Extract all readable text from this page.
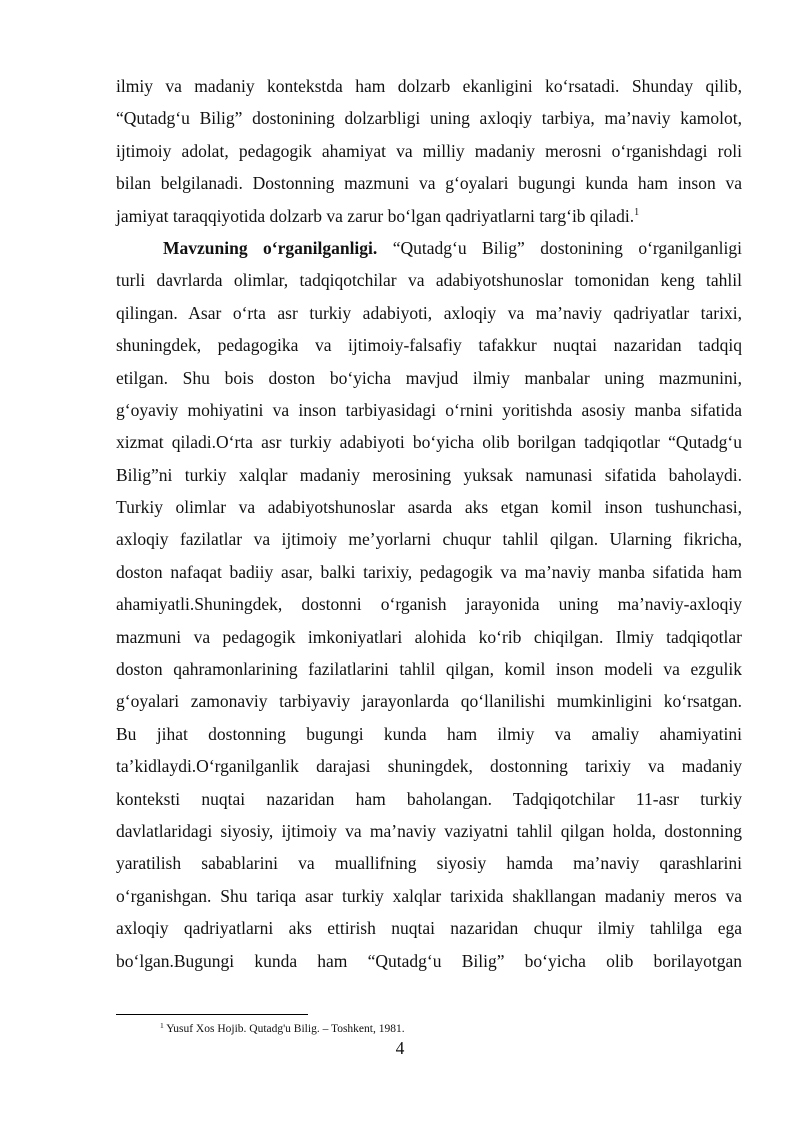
ilmiy va madaniy kontekstda ham dolzarb ekanligini ko‘rsatadi. Shunday qilib,
“Qutadg‘u Bilig” dostonining dolzarbligi uning axloqiy tarbiya, ma’naviy kamolot,
ijtimoiy adolat, pedagogik ahamiyat va milliy madaniy merosni o‘rganishdagi roli
bilan belgilanadi. Dostonning mazmuni va g‘oyalari bugungi kunda ham inson va
jamiyat taraqqiyotida dolzarb va zarur bo‘lgan qadriyatlarni targ‘ib qiladi.$^1$
Mavzuning o‘rganilganligi. “Qutadg‘u Bilig” dostonining o‘rganilganligi
turli davrlarda olimlar, tadqiqotchilar va adabiyotshunoslar tomonidan keng tahlil
qilingan. Asar o‘rta asr turkiy adabiyoti, axloqiy va ma’naviy qadriyatlar tarixi,
shuningdek, pedagogika va ijtimoiy-falsafiy tafakkur nuqtai nazaridan tadqiq
etilgan. Shu bois doston bo‘yicha mavjud ilmiy manbalar uning mazmunini,
g‘oyaviy mohiyatini va inson tarbiyasidagi o‘rnini yoritishda asosiy manba sifatida
xizmat qiladi.O‘rta asr turkiy adabiyoti bo‘yicha olib borilgan tadqiqotlar “Qutadg‘u
Bilig”ni turkiy xalqlar madaniy merosining yuksak namunasi sifatida baholaydi.
Turkiy olimlar va adabiyotshunoslar asarda aks etgan komil inson tushunchasi,
axloqiy fazilatlar va ijtimoiy me’yorlarni chuqur tahlil qilgan. Ularning fikricha,
doston nafaqat badiiy asar, balki tarixiy, pedagogik va ma’naviy manba sifatida ham
ahamiyatli.Shuningdek, dostonni o‘rganish jarayonida uning ma’naviy-axloqiy
mazmuni va pedagogik imkoniyatlari alohida ko‘rib chiqilgan. Ilmiy tadqiqotlar
doston qahramonlarining fazilatlarini tahlil qilgan, komil inson modeli va ezgulik
g‘oyalari zamonaviy tarbiyaviy jarayonlarda qo‘llanilishi mumkinligini ko‘rsatgan.
Bu jihat dostonning bugungi kunda ham ilmiy va amaliy ahamiyatini
ta’kidlaydi.O‘rganilganlik darajasi shuningdek, dostonning tarixiy va madaniy
konteksti nuqtai nazaridan ham baholangan. Tadqiqotchilar 11-asr turkiy
davlatlaridagi siyosiy, ijtimoiy va ma’naviy vaziyatni tahlil qilgan holda, dostonning
yaratilish sabablarini va muallifning siyosiy hamda ma’naviy qarashlarini
o‘rganishgan. Shu tariqa asar turkiy xalqlar tarixida shakllangan madaniy meros va
axloqiy qadriyatlarni aks ettirish nuqtai nazaridan chuqur ilmiy tahlilga ega
bo‘lgan.Bugungi kunda ham “Qutadg‘u Bilig” bo‘yicha olib borilayotgan
$^1$ Yusuf Xos Hojib. Qutadg'u Bilig. – Toshkent, 1981.
4
